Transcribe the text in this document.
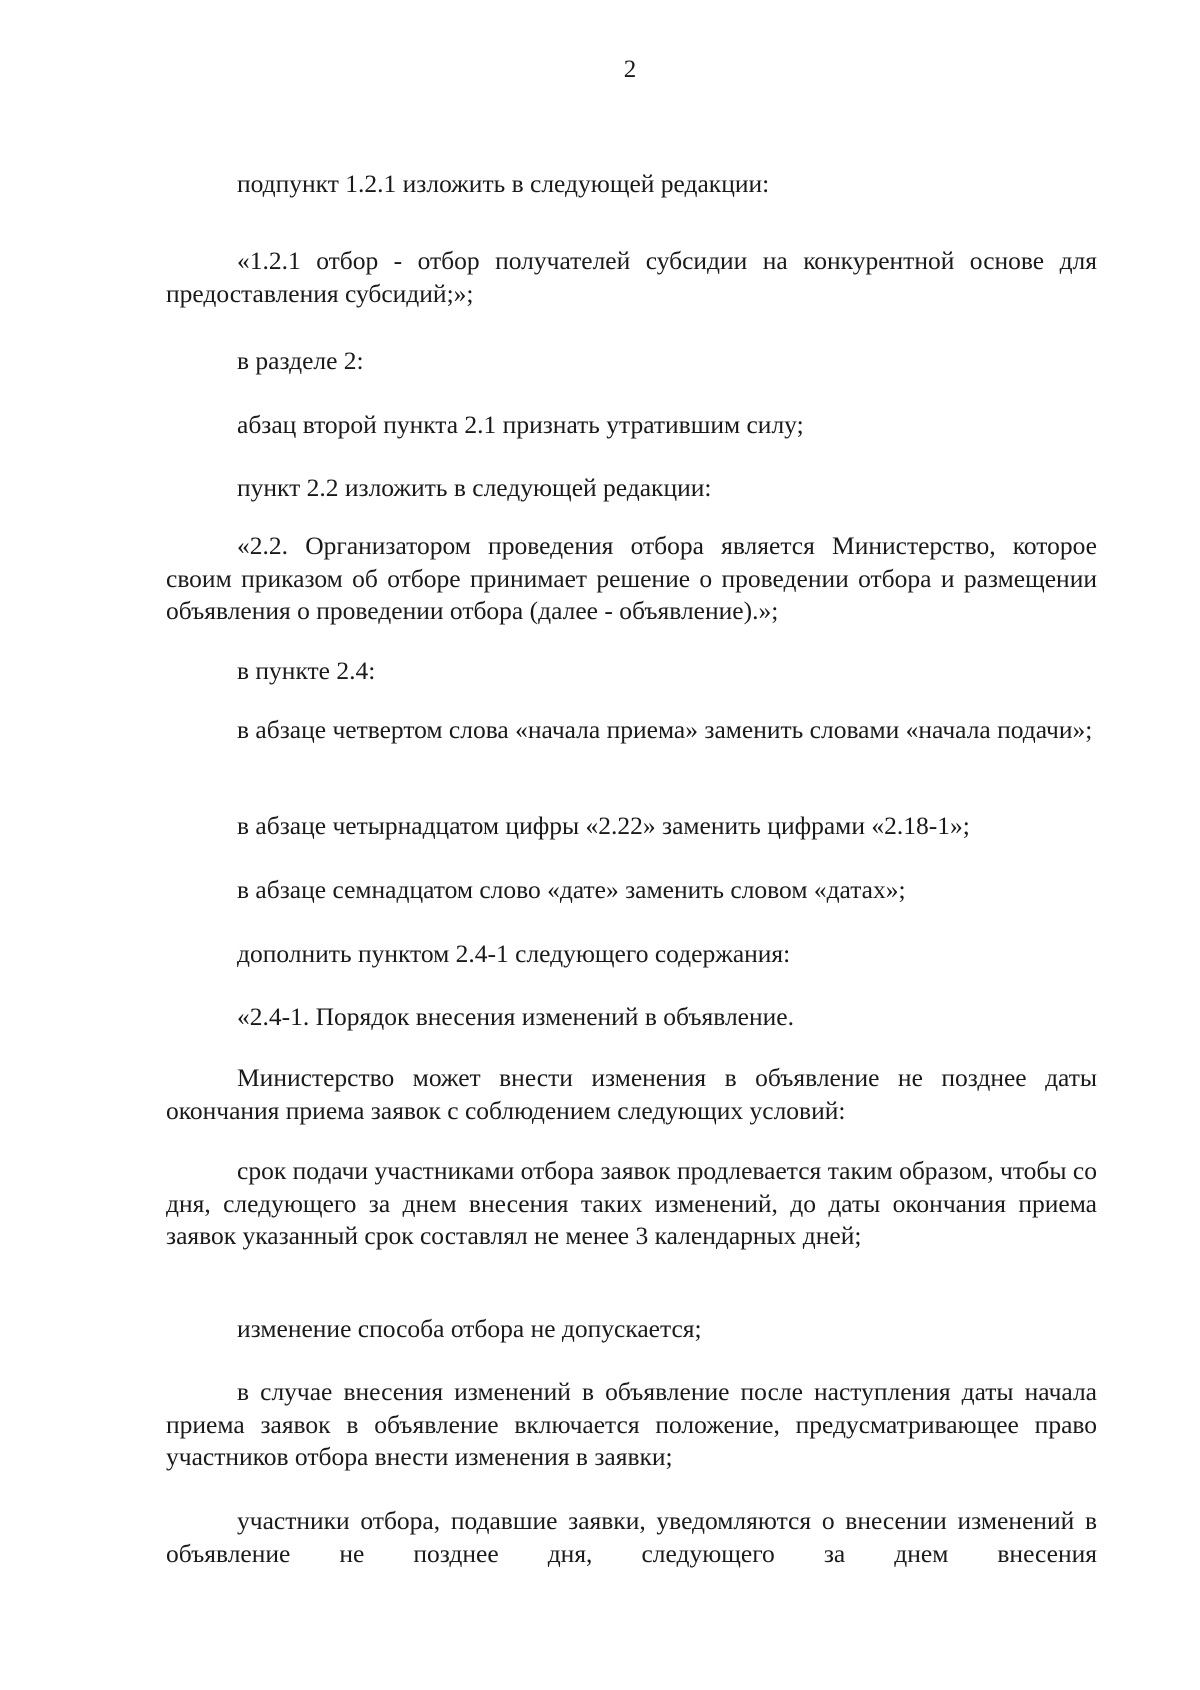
2

подпункт 1.2.1 изложить в следующей редакции:

«1.2.1 отбор - отбор получателей субсидии на конкурентной основе для предоставления субсидий;»;

в разделе 2:

абзац второй пункта 2.1 признать утратившим силу;

пункт 2.2 изложить в следующей редакции:

«2.2. Организатором проведения отбора является Министерство, которое своим приказом об отборе принимает решение о проведении отбора и размещении объявления о проведении отбора (далее - объявление).»;

в пункте 2.4:

в абзаце четвертом слова «начала приема» заменить словами «начала подачи»;

в абзаце четырнадцатом цифры «2.22» заменить цифрами «2.18-1»;

в абзаце семнадцатом слово «дате» заменить словом «датах»;

дополнить пунктом 2.4-1 следующего содержания:

«2.4-1. Порядок внесения изменений в объявление.

Министерство может внести изменения в объявление не позднее даты окончания приема заявок с соблюдением следующих условий:

срок подачи участниками отбора заявок продлевается таким образом, чтобы со дня, следующего за днем внесения таких изменений, до даты окончания приема заявок указанный срок составлял не менее 3 календарных дней;

изменение способа отбора не допускается;

в случае внесения изменений в объявление после наступления даты начала приема заявок в объявление включается положение, предусматривающее право участников отбора внести изменения в заявки;

участники отбора, подавшие заявки, уведомляются о внесении изменений в объявление не позднее дня, следующего за днем внесения
